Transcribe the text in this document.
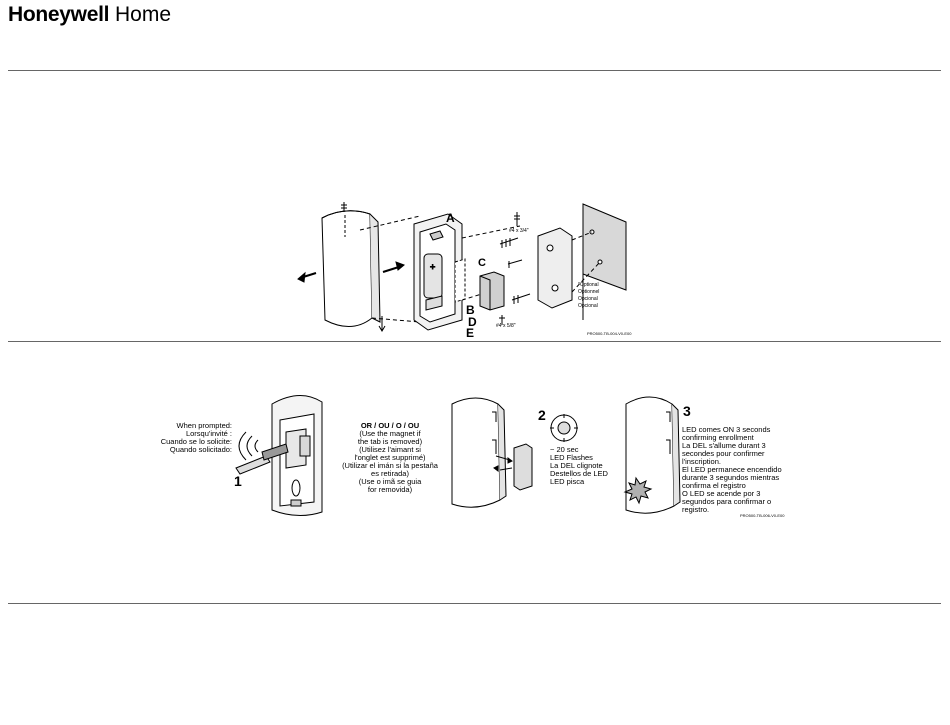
Honeywell Home
+
A
C
B
D
E
#4 x 3/4"
#4 x 5/8"
*Optional
Optionnel
Opcional
Opcional
PRO500-TB-004-V0-E00
1
When prompted:
Lorsqu'invité :
Cuando se lo solicite:
Quando solicitado:
OR / OU / O / OU
(Use the magnet if
the tab is removed)
(Utilisez l'aimant si
l'onglet est supprimé)
(Utilizar el imán si la pestaña
es retirada)
(Use o imã se guia
for removida)
2
~ 20 sec
LED Flashes
La DEL clignote
Destellos de LED
LED pisca
3
LED comes ON 3 seconds
confirming enrollment
La DEL s'allume durant 3
secondes pour confirmer
l'inscription.
El LED permanece encendido
durante 3 segundos mientras
confirma el registro
O LED se acende por 3
segundos para confirmar o
registro.
PRO500-TB-006-V0-E00
